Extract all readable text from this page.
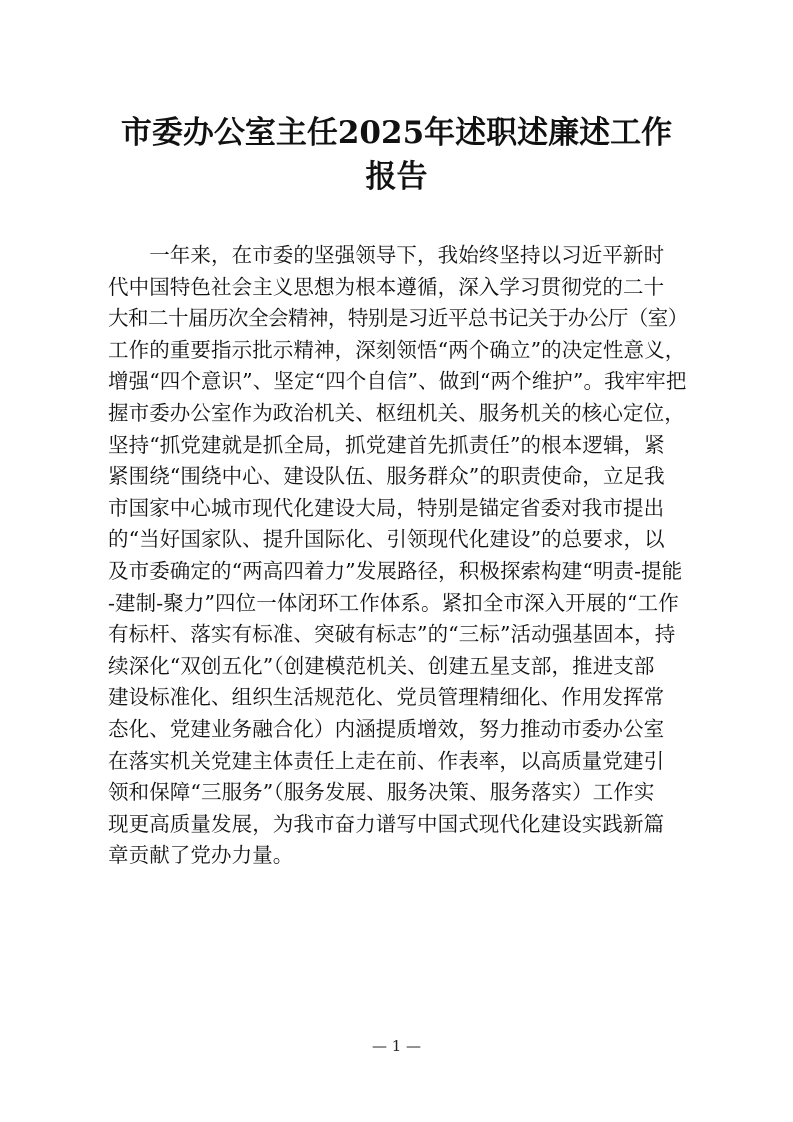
市委办公室主任2025年述职述廉述工作
报告

　　一年来，在市委的坚强领导下，我始终坚持以习近平新时

代中国特色社会主义思想为根本遵循，深入学习贯彻党的二十

大和二十届历次全会精神，特别是习近平总书记关于办公厅（室）

工作的重要指示批示精神，深刻领悟“两个确立”的决定性意义，

增强“四个意识”、坚定“四个自信”、做到“两个维护”。我牢牢把

握市委办公室作为政治机关、枢纽机关、服务机关的核心定位，

坚持“抓党建就是抓全局，抓党建首先抓责任”的根本逻辑，紧

紧围绕“围绕中心、建设队伍、服务群众”的职责使命，立足我

市国家中心城市现代化建设大局，特别是锚定省委对我市提出

的“当好国家队、提升国际化、引领现代化建设”的总要求，以

及市委确定的“两高四着力”发展路径，积极探索构建“明责-提能

-建制-聚力”四位一体闭环工作体系。紧扣全市深入开展的“工作

有标杆、落实有标准、突破有标志”的“三标”活动强基固本，持

续深化“双创五化”（创建模范机关、创建五星支部，推进支部

建设标准化、组织生活规范化、党员管理精细化、作用发挥常

态化、党建业务融合化）内涵提质增效，努力推动市委办公室

在落实机关党建主体责任上走在前、作表率，以高质量党建引

领和保障“三服务”（服务发展、服务决策、服务落实）工作实

现更高质量发展，为我市奋力谱写中国式现代化建设实践新篇

章贡献了党办力量。

— 1 —
